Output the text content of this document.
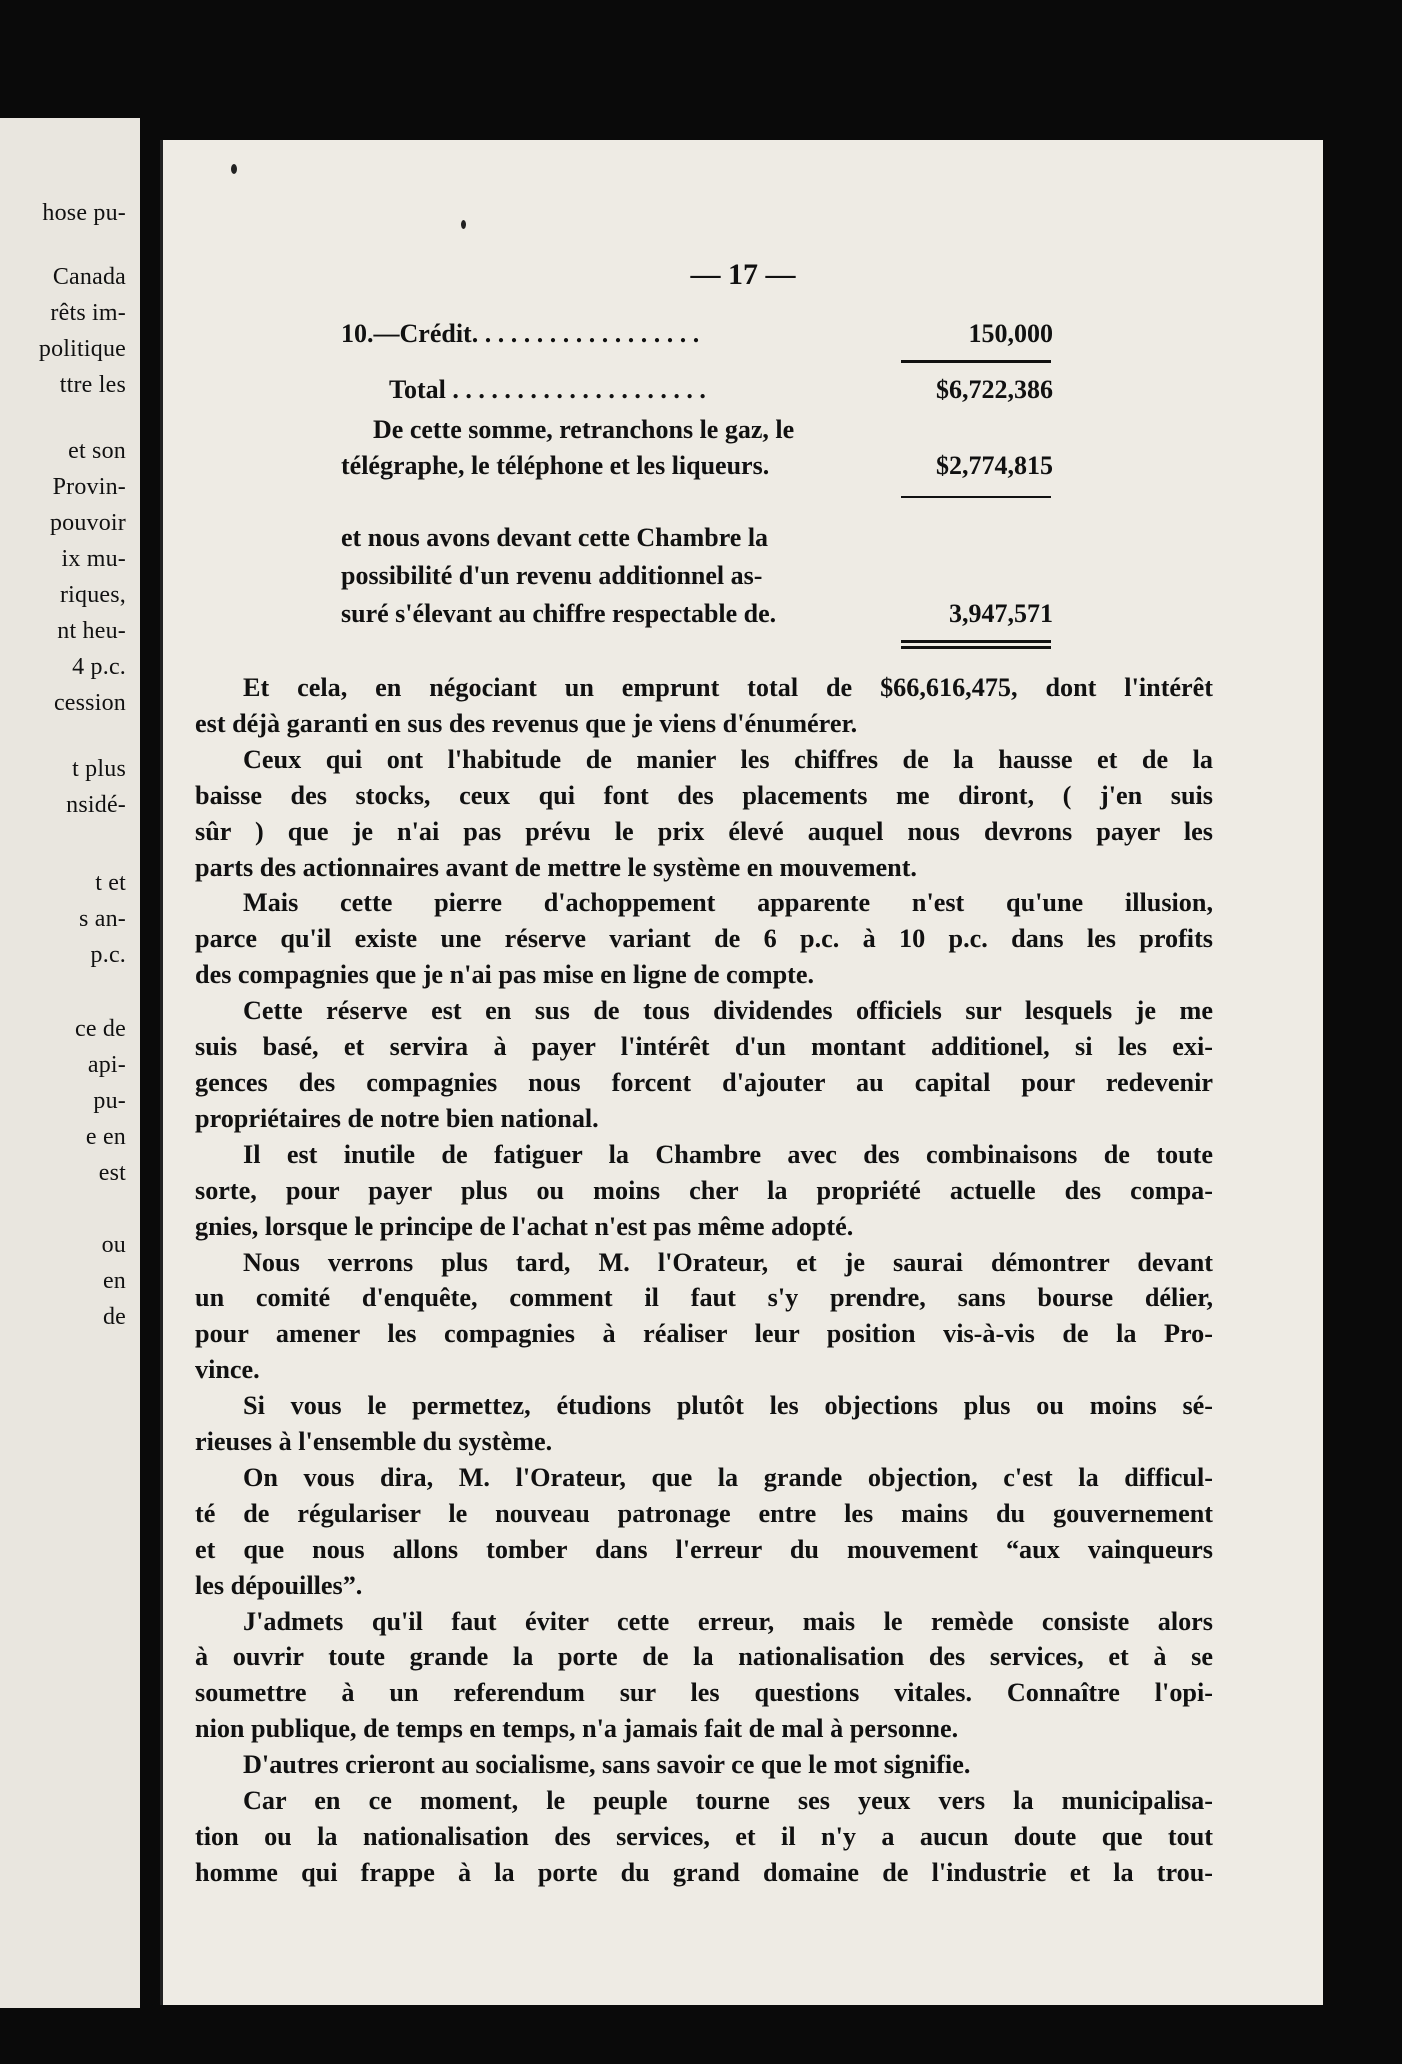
hose pu-
Canada
rêts im-
politique
ttre les
et son
Provin-
pouvoir
ix mu-
riques,
nt heu-
4 p.c.
cession
t plus
nsidé-
t et
s an-
p.c.
ce de
api-
pu-
e en
est
ou
en
de
— 17 —
10.—Crédit. . . . . . . . . . . . . . . . . .	150,000
Total . . . . . . . . . . . . . . . . . . . .	$6,722,386
De cette somme, retranchons le gaz, le
télégraphe, le téléphone et les liqueurs.	$2,774,815
et nous avons devant cette Chambre la
possibilité d'un revenu additionnel as-
suré s'élevant au chiffre respectable de.	3,947,571

Et cela, en négociant un emprunt total de $66,616,475, dont l'intérêt
est déjà garanti en sus des revenus que je viens d'énumérer.

Ceux qui ont l'habitude de manier les chiffres de la hausse et de la
baisse des stocks, ceux qui font des placements me diront, ( j'en suis
sûr ) que je n'ai pas prévu le prix élevé auquel nous devrons payer les
parts des actionnaires avant de mettre le système en mouvement.

Mais cette pierre d'achoppement apparente n'est qu'une illusion,
parce qu'il existe une réserve variant de 6 p.c. à 10 p.c. dans les profits
des compagnies que je n'ai pas mise en ligne de compte.

Cette réserve est en sus de tous dividendes officiels sur lesquels je me
suis basé, et servira à payer l'intérêt d'un montant additionel, si les exi-
gences des compagnies nous forcent d'ajouter au capital pour redevenir
propriétaires de notre bien national.

Il est inutile de fatiguer la Chambre avec des combinaisons de toute
sorte, pour payer plus ou moins cher la propriété actuelle des compa-
gnies, lorsque le principe de l'achat n'est pas même adopté.

Nous verrons plus tard, M. l'Orateur, et je saurai démontrer devant
un comité d'enquête, comment il faut s'y prendre, sans bourse délier,
pour amener les compagnies à réaliser leur position vis-à-vis de la Pro-
vince.

Si vous le permettez, étudions plutôt les objections plus ou moins sé-
rieuses à l'ensemble du système.

On vous dira, M. l'Orateur, que la grande objection, c'est la difficul-
té de régulariser le nouveau patronage entre les mains du gouvernement
et que nous allons tomber dans l'erreur du mouvement “aux vainqueurs
les dépouilles”.

J'admets qu'il faut éviter cette erreur, mais le remède consiste alors
à ouvrir toute grande la porte de la nationalisation des services, et à se
soumettre à un referendum sur les questions vitales. Connaître l'opi-
nion publique, de temps en temps, n'a jamais fait de mal à personne.

D'autres crieront au socialisme, sans savoir ce que le mot signifie.

Car en ce moment, le peuple tourne ses yeux vers la municipalisa-
tion ou la nationalisation des services, et il n'y a aucun doute que tout
homme qui frappe à la porte du grand domaine de l'industrie et la trou-
